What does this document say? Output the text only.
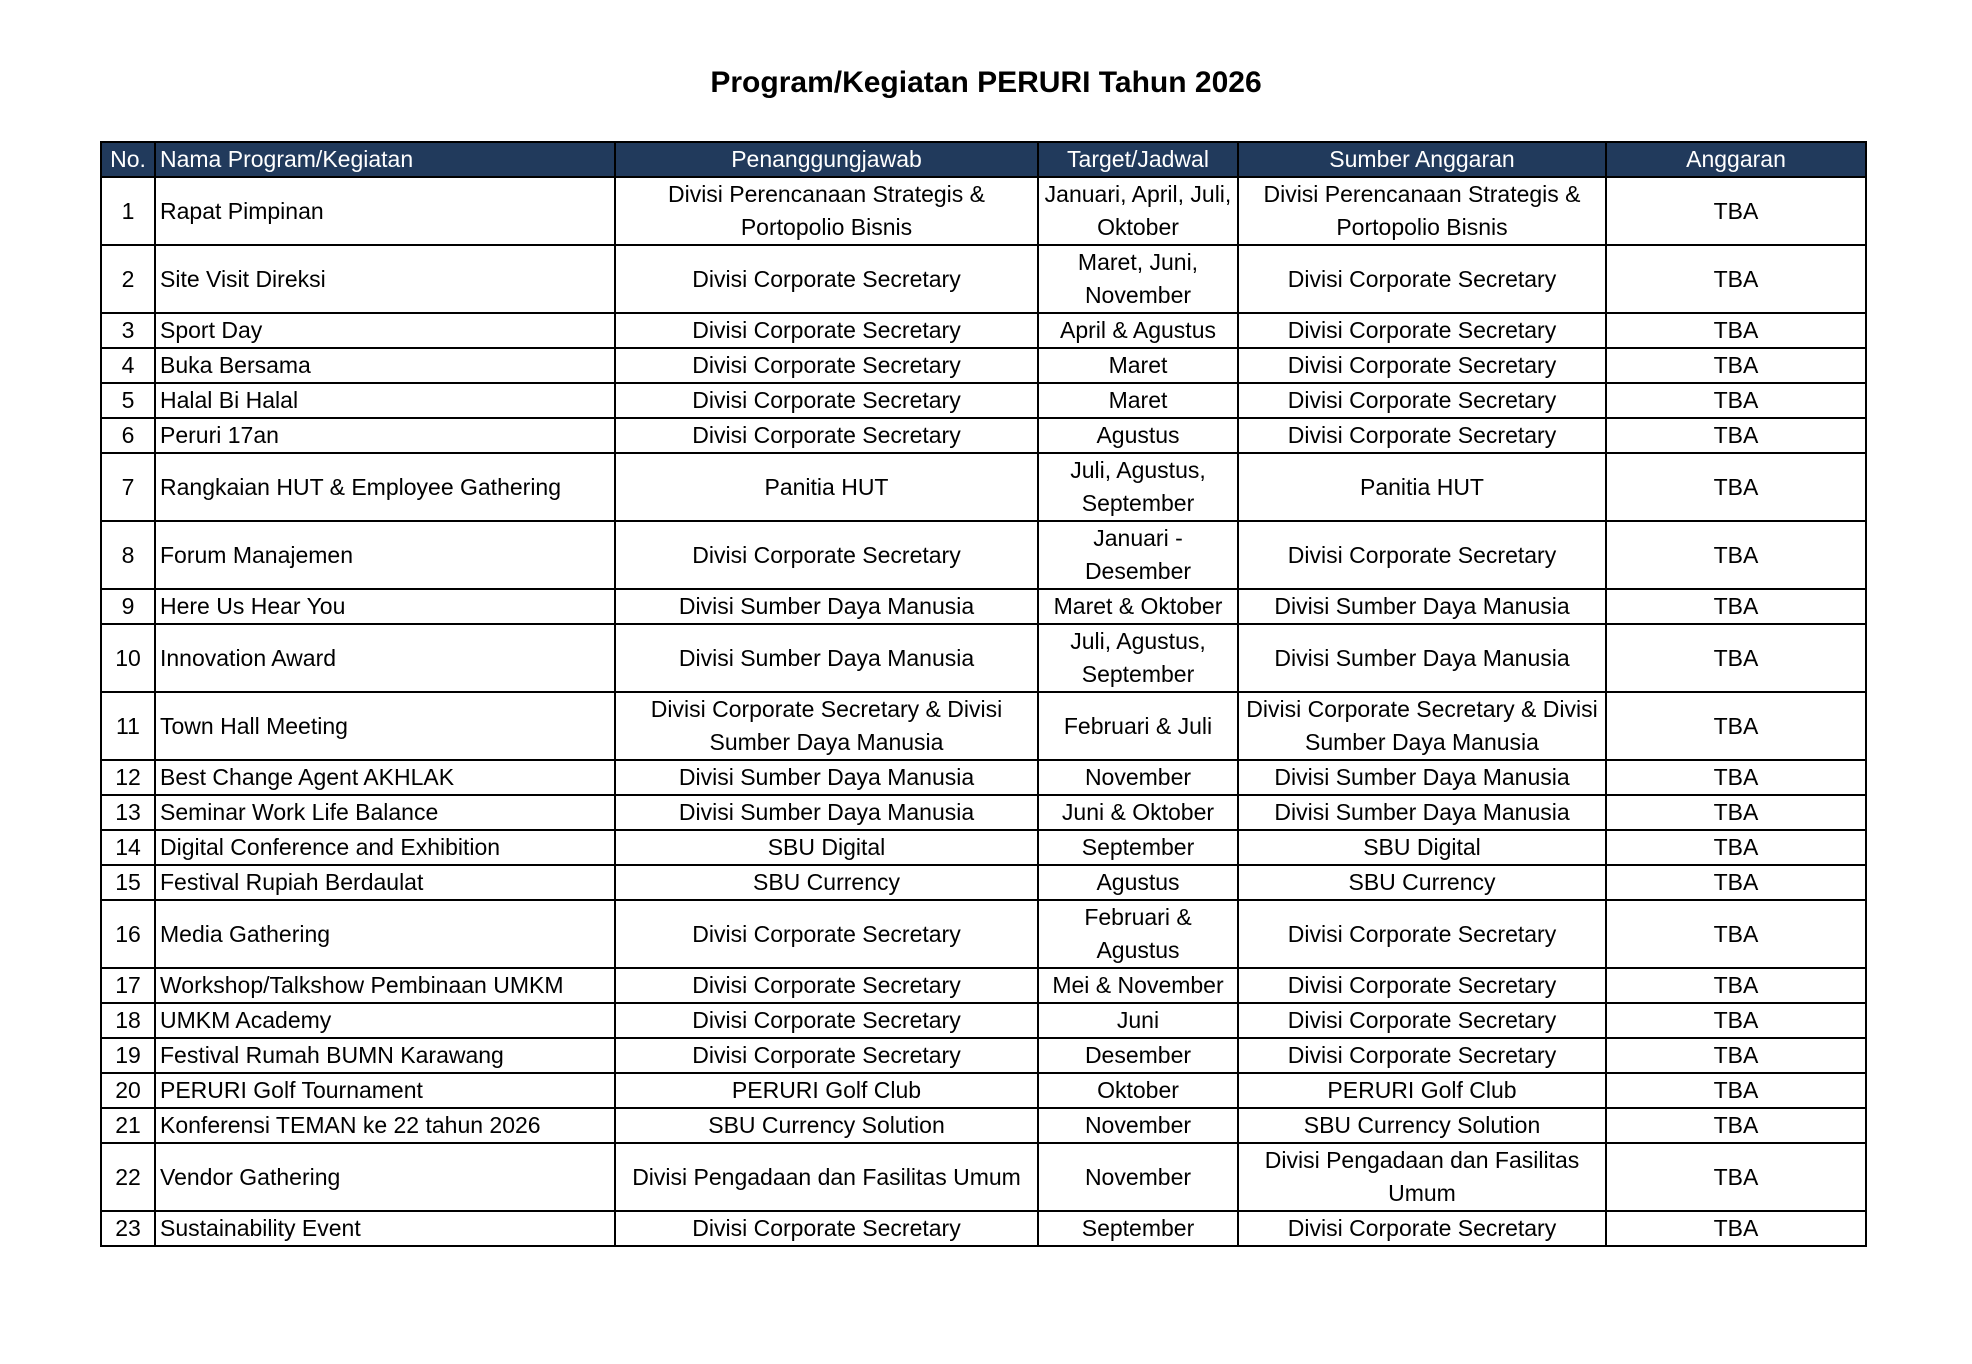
Program/Kegiatan PERURI Tahun 2026
No.	Nama Program/Kegiatan	Penanggungjawab	Target/Jadwal	Sumber Anggaran	Anggaran
1	Rapat Pimpinan	Divisi Perencanaan Strategis & Portopolio Bisnis	Januari, April, Juli, Oktober	Divisi Perencanaan Strategis & Portopolio Bisnis	TBA
2	Site Visit Direksi	Divisi Corporate Secretary	Maret, Juni, November	Divisi Corporate Secretary	TBA
3	Sport Day	Divisi Corporate Secretary	April & Agustus	Divisi Corporate Secretary	TBA
4	Buka Bersama	Divisi Corporate Secretary	Maret	Divisi Corporate Secretary	TBA
5	Halal Bi Halal	Divisi Corporate Secretary	Maret	Divisi Corporate Secretary	TBA
6	Peruri 17an	Divisi Corporate Secretary	Agustus	Divisi Corporate Secretary	TBA
7	Rangkaian HUT & Employee Gathering	Panitia HUT	Juli, Agustus, September	Panitia HUT	TBA
8	Forum Manajemen	Divisi Corporate Secretary	Januari - Desember	Divisi Corporate Secretary	TBA
9	Here Us Hear You	Divisi Sumber Daya Manusia	Maret & Oktober	Divisi Sumber Daya Manusia	TBA
10	Innovation Award	Divisi Sumber Daya Manusia	Juli, Agustus, September	Divisi Sumber Daya Manusia	TBA
11	Town Hall Meeting	Divisi Corporate Secretary & Divisi Sumber Daya Manusia	Februari & Juli	Divisi Corporate Secretary & Divisi Sumber Daya Manusia	TBA
12	Best Change Agent AKHLAK	Divisi Sumber Daya Manusia	November	Divisi Sumber Daya Manusia	TBA
13	Seminar Work Life Balance	Divisi Sumber Daya Manusia	Juni & Oktober	Divisi Sumber Daya Manusia	TBA
14	Digital Conference and Exhibition	SBU Digital	September	SBU Digital	TBA
15	Festival Rupiah Berdaulat	SBU Currency	Agustus	SBU Currency	TBA
16	Media Gathering	Divisi Corporate Secretary	Februari & Agustus	Divisi Corporate Secretary	TBA
17	Workshop/Talkshow Pembinaan UMKM	Divisi Corporate Secretary	Mei & November	Divisi Corporate Secretary	TBA
18	UMKM Academy	Divisi Corporate Secretary	Juni	Divisi Corporate Secretary	TBA
19	Festival Rumah BUMN Karawang	Divisi Corporate Secretary	Desember	Divisi Corporate Secretary	TBA
20	PERURI Golf Tournament	PERURI Golf Club	Oktober	PERURI Golf Club	TBA
21	Konferensi TEMAN ke 22 tahun 2026	SBU Currency Solution	November	SBU Currency Solution	TBA
22	Vendor Gathering	Divisi Pengadaan dan Fasilitas Umum	November	Divisi Pengadaan dan Fasilitas Umum	TBA
23	Sustainability Event	Divisi Corporate Secretary	September	Divisi Corporate Secretary	TBA
